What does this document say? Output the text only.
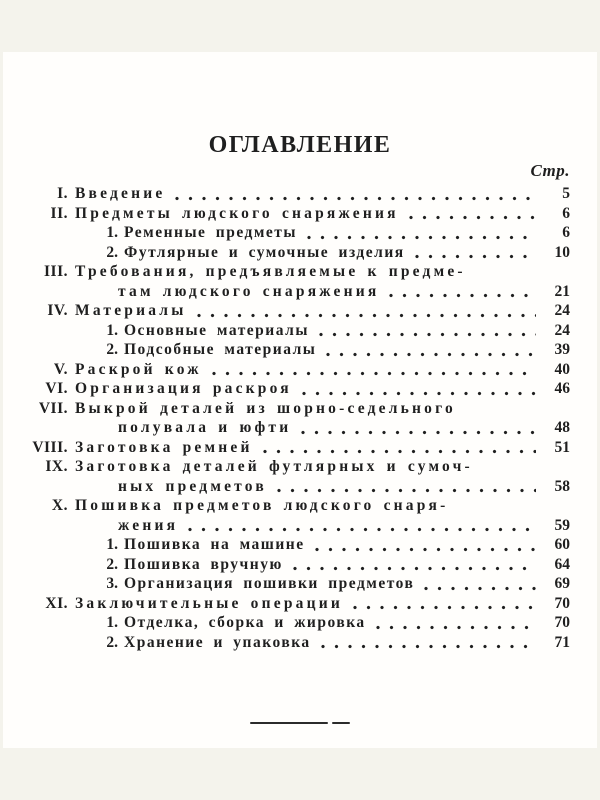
ОГЛАВЛЕНИЕ
Стр.
I. Введение	5
II. Предметы людского снаряжения	6
1. Ременные предметы	6
2. Футлярные и сумочные изделия	10
III. Требования, предъявляемые к предме-
там людского снаряжения	21
IV. Материалы	24
1. Основные материалы	24
2. Подсобные материалы	39
V. Раскрой кож	40
VI. Организация раскроя	46
VII. Выкрой деталей из шорно-седельного
полувала и юфти	48
VIII. Заготовка ремней	51
IX. Заготовка деталей футлярных и сумоч-
ных предметов	58
X. Пошивка предметов людского снаря-
жения	59
1. Пошивка на машине	60
2. Пошивка вручную	64
3. Организация пошивки предметов	69
XI. Заключительные операции	70
1. Отделка, сборка и жировка	70
2. Хранение и упаковка	71
